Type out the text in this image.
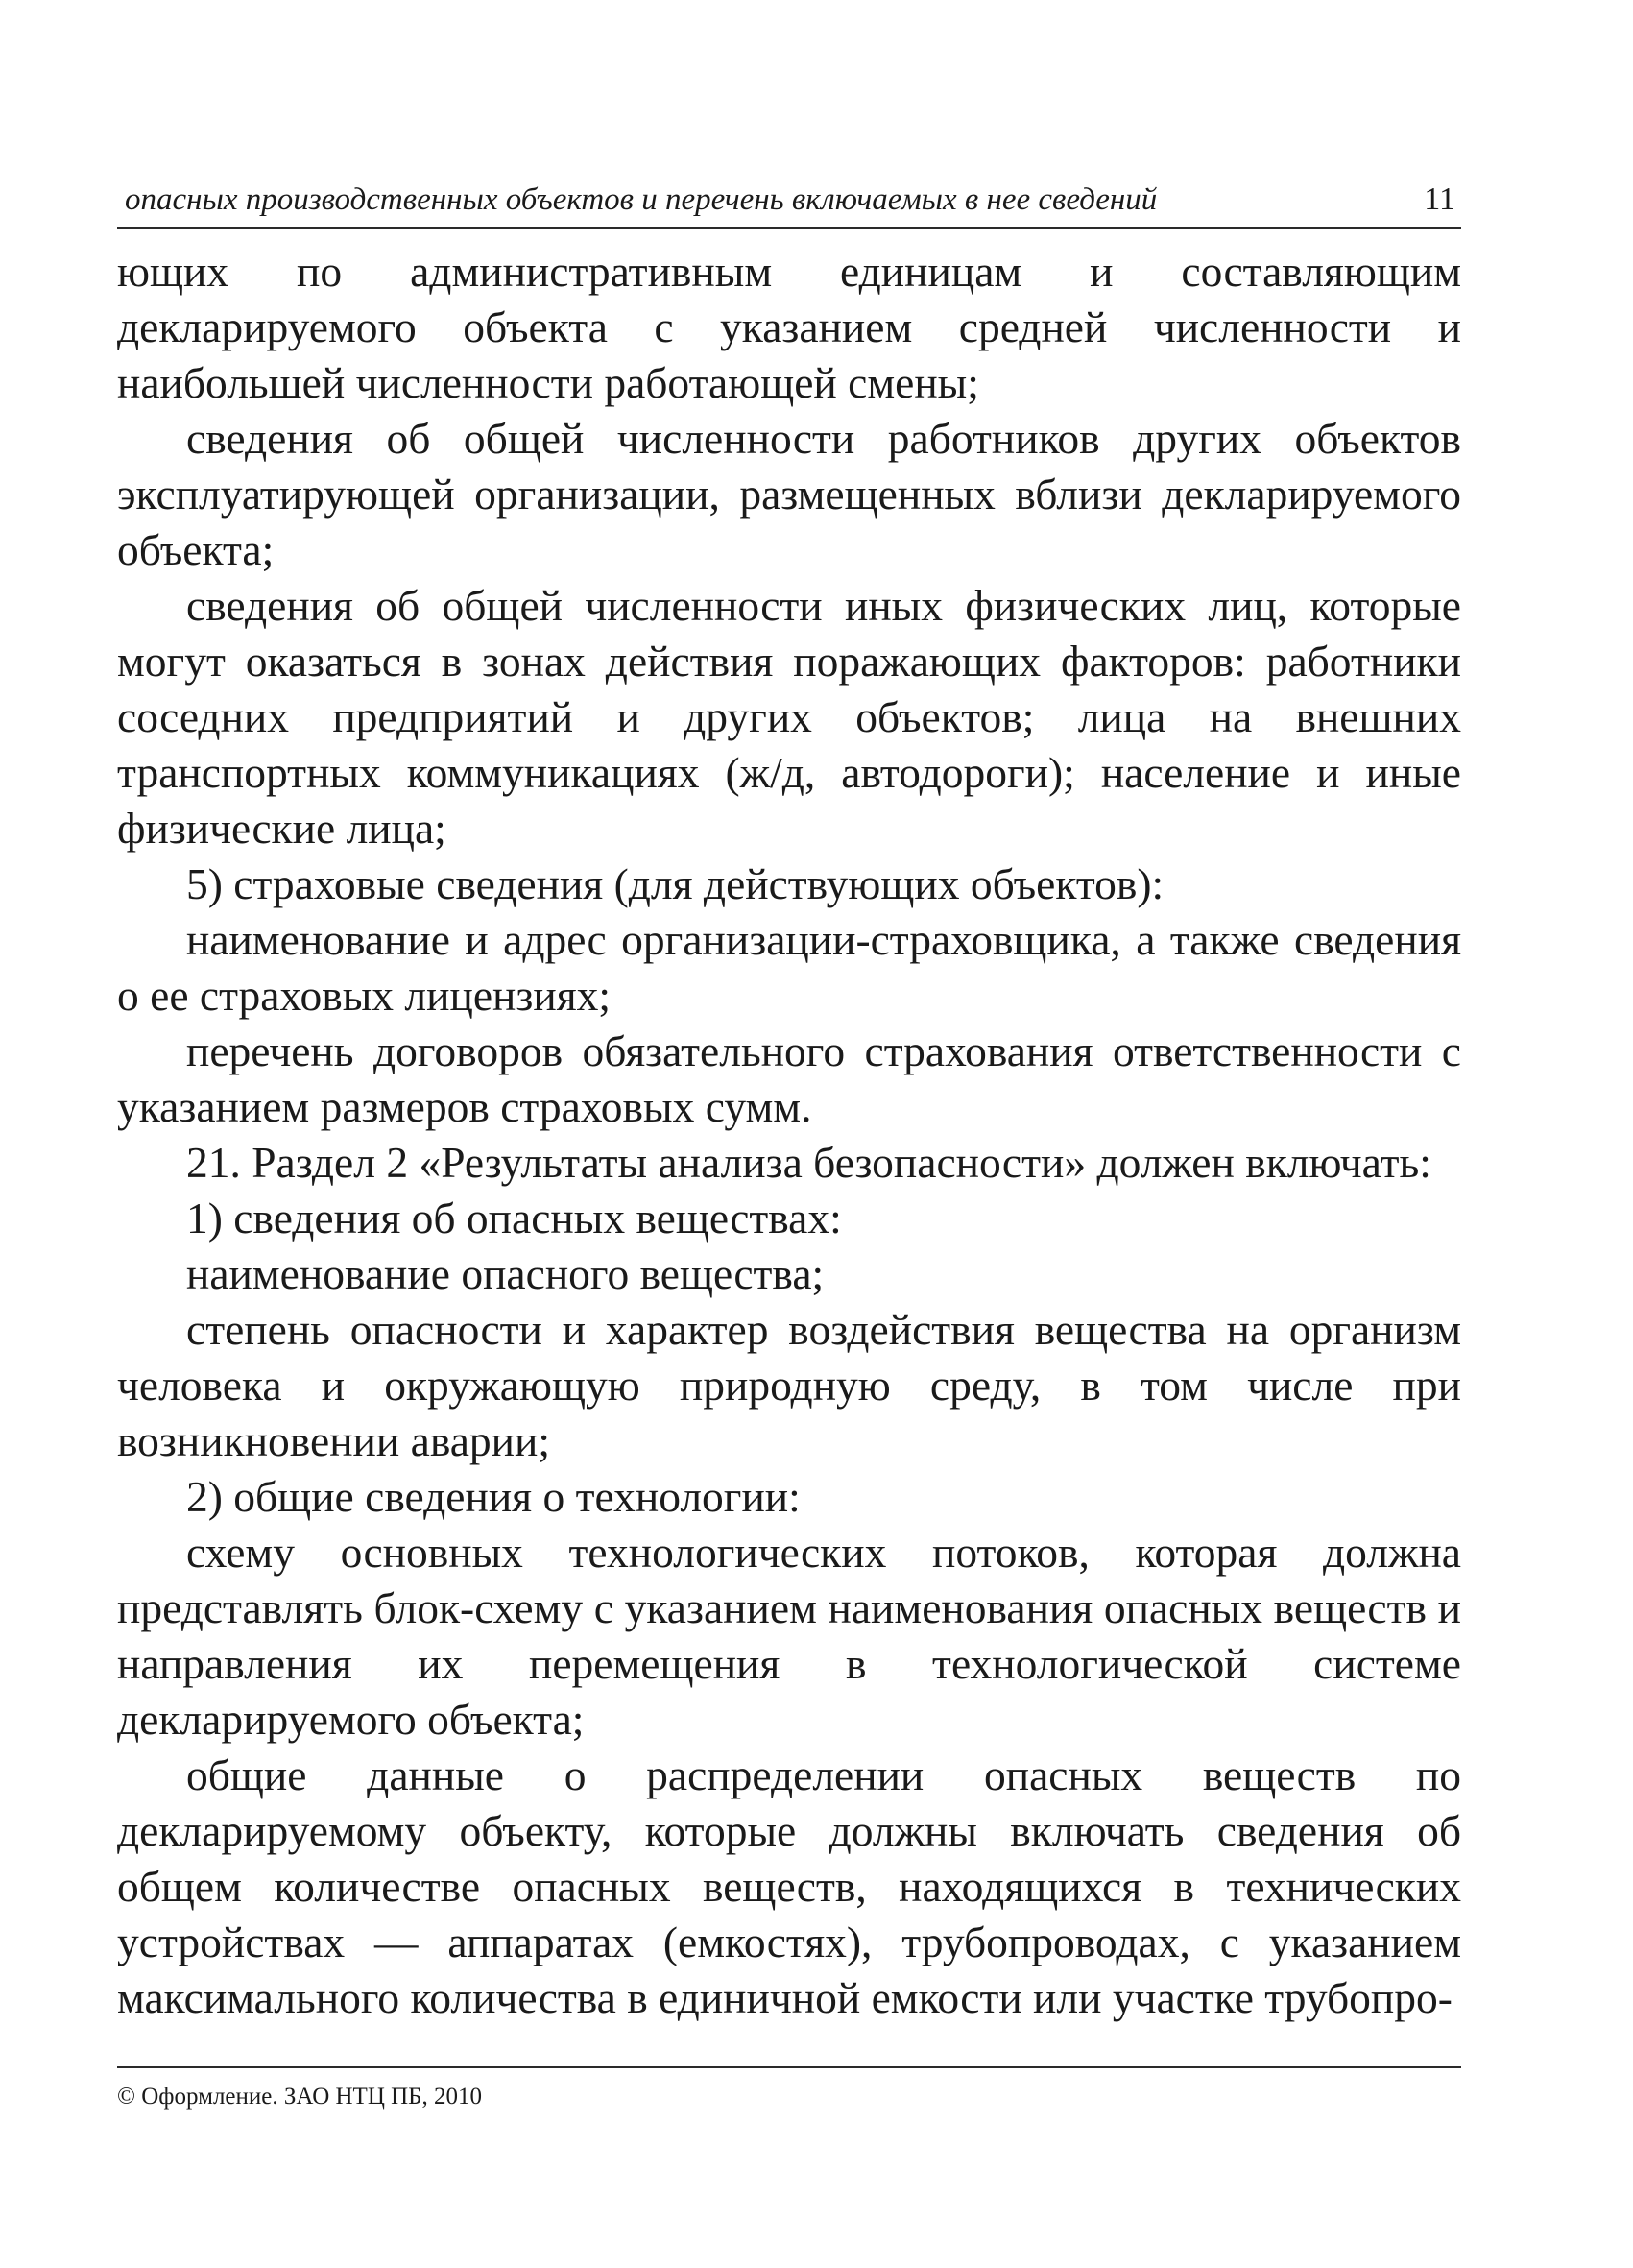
опасных производственных объектов и перечень включаемых в нее сведений	11

ющих по административным единицам и составляющим декларируемого объекта с указанием средней численности и наибольшей численности работающей смены;

сведения об общей численности работников других объектов эксплуатирующей организации, размещенных вблизи декларируемого объекта;

сведения об общей численности иных физических лиц, которые могут оказаться в зонах действия поражающих факторов: работники соседних предприятий и других объектов; лица на внешних транспортных коммуникациях (ж/д, автодороги); население и иные физические лица;

5) страховые сведения (для действующих объектов):

наименование и адрес организации-страховщика, а также сведения о ее страховых лицензиях;

перечень договоров обязательного страхования ответственности с указанием размеров страховых сумм.

21. Раздел 2 «Результаты анализа безопасности» должен включать:

1) сведения об опасных веществах:

наименование опасного вещества;

степень опасности и характер воздействия вещества на организм человека и окружающую природную среду, в том числе при возникновении аварии;

2) общие сведения о технологии:

схему основных технологических потоков, которая должна представлять блок-схему с указанием наименования опасных веществ и направления их перемещения в технологической системе декларируемого объекта;

общие данные о распределении опасных веществ по декларируемому объекту, которые должны включать сведения об общем количестве опасных веществ, находящихся в технических устройствах — аппаратах (емкостях), трубопроводах, с указанием максимального количества в единичной емкости или участке трубопро-

© Оформление. ЗАО НТЦ ПБ, 2010
